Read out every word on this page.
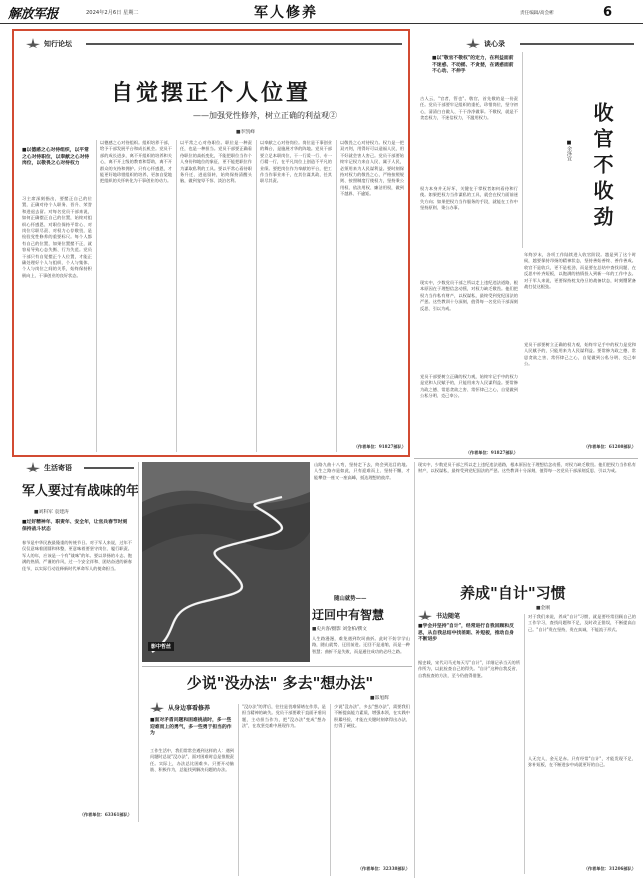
解放军报	2024年2月6日 星期二	军人修养	责任编辑/高会彬	6
知行论坛
自觉摆正个人位置
——加强党性修养，树立正确的利益观②
■李凯峰
■以德感之心对待组织，以平常之心对待职位，以奉献之心对待岗位，以敬畏之心对待权力
习主席深刻指出，要摆正自己的位置，正确对待个人职务、晋升、荣誉和进退去留。对每名党员干部来说，如何正确摆正自己的位置，始终对组织心怀感恩、对职位保持平常心、对岗位尽职尽责、对权力心存敬畏，是检验党性修养的重要标尺。每个人都有自己的位置，如果位置摆不正，就容易导致心态失衡、行为失范。党员干部只有自觉摆正个人位置，才能正确处理好个人与组织、个人与集体、个人与岗位之间的关系，始终保持积极向上、干事创业的良好状态。
以德感之心对待组织。组织培养干部，给予干部发展平台和成长机会。党员干部的成长进步，离不开组织的培养和关心，离不开上级的教育和帮助，离不开群众的支持和拥护。只有心怀感恩，才能更好地珍惜组织的培养，更加自觉地把组织的关怀转化为干事创业的动力。
以平常之心对待职位。职位是一种责任，也是一种担当。党员干部要正确看待职位的高低变化，不能把职位当作个人身份和地位的象征，更不能把职位作为谋取私利的工具。要以平常心看待职务升迁、进退留转，始终保持清醒头脑，做到宠辱不惊、淡泊名利。
以奉献之心对待岗位。岗位是干事创业的舞台，是施展才华的阵地。党员干部要立足本职岗位，干一行爱一行、专一行精一行，在平凡岗位上创造不平凡的业绩。要把岗位作为奉献的平台，把工作当作事业来干，在其位谋其政、任其职尽其责。
以敬畏之心对待权力。权力是一把双刃剑，用得好可以造福人民，用不好就会害人害己。党员干部要始终牢记权力来自人民、属于人民，必须用来为人民谋利益。要时刻保持对权力的敬畏之心，严格按照规则、按照制度行使权力，坚持秉公用权、依法用权、廉洁用权，做到不越界、不逾矩。
（作者单位：91827部队）
谈心录
■以"敬官不敬权"的定力，在利益面前不迷惑、不动摇、不贪婪，在诱惑面前不心动、不伸手
古人云，"官者，管也"。敬官，首先敬的是一份责任。党员干部要牢记组织的重托，珍惜岗位，坚守初心，清清白白做人、干干净净做事。不敬权，就是不贪恋权力，不迷信权力，不滥用权力。
权力本身并无好坏，关键在于掌权者如何看待和行使。如果把权力当作谋私的工具，就会在权力面前迷失方向；如果把权力当作服务的手段，就能在工作中坚持原则、秉公办事。
现实中，少数党员干部之所以走上违纪违法道路，根本原因在于理想信念动摇，对权力缺乏敬畏。他们把权力当作私有财产，以权谋私，最终受到党纪国法的严惩。这些教训十分深刻，值得每一名党员干部深刻反思、引以为戒。
党员干部要树立正确的权力观，始终牢记手中的权力是党和人民赋予的，只能用来为人民谋利益。要常修为政之德、常思贪欲之害、常怀律己之心，自觉做到公私分明、克己奉公。
（作者单位：91827部队）
收官不收劲
■余泽宜
年终岁末，各项工作陆续进入收官阶段。越是到了这个时候，越要保持昂扬的精神状态，坚持善始善终、善作善成。收官不是收兵，更不是松劲，而是要在总结中查找问题、在反思中补齐短板，以饱满的热情投入到新一年的工作中去。对于军人来说，更要保持枕戈待旦的战备状态，时刻绷紧备战打仗这根弦。
党员干部要树立正确的权力观，始终牢记手中的权力是党和人民赋予的，只能用来为人民谋利益。要常修为政之德、常思贪欲之害、常怀律己之心，自觉做到公私分明、克己奉公。
（作者单位：61208部队）
生活寄语
军人要过有战味的年
■刘科军 袁建涛
■过好精神年、职责年、安全年，让官兵春节时刻保持战斗状态
春节是中华民族最隆重的传统节日。对于军人来说，过年不仅仅意味着团圆和休整，更意味着要坚守岗位、履行职责。军人的年，应该是一个有"战味"的年。要以昂扬的斗志、饱满的热情、严谨的作风，过一个安全祥和、团结奋进的新春佳节，以实际行动诠释新时代革命军人的使命担当。
（作者单位：63361部队）
影中哲丝
山路九曲十八弯，坚持走下去，终会到达目的地。人生之路亦是如此，只有迎难而上、坚持不懈，才能攀登一座又一座高峰，抵达理想的彼岸。
随山就势——
迂回中有智慧
■史兵客/摄影 刘金柏/撰文
人生路漫漫，难免遇到坎坷曲折。此时不妨学学山路，随山就势、迂回前进。迂回不是退缩，而是一种智慧；曲折不是失败，而是通往成功的必经之路。
少说"没办法" 多去"想办法"
■邵旭辉
从身边事看修养
■面对矛盾问题和困难挑战时，多一些迎难而上的勇气，多一些勇于担当的作为
工作生活中，我们常常会遇到这样的人：遇到问题时总说"没办法"，面对困难时总是推脱责任。实际上，办法总比困难多。只要开动脑筋、积极作为，总能找到解决问题的办法。
"没办法"的背后，往往是畏难情绪在作祟，是担当精神的缺失。党员干部要敢于直面矛盾问题，主动担当作为，把"没办法"变成"想办法"，在攻坚克难中展现作为。
少说"没办法"，多去"想办法"，需要我们不断提高能力素质，增强本领，在实践中积累经验，才能在关键时刻拿得出办法、打得了硬仗。
（作者单位：32338部队）
养成"自计"习惯
■金刚
书边随笔
■学会并坚持"自计"，经常进行自我回顾和反思，从自我总结中找差距、补短板，推动自身不断进步
据史载，宋代司马光每天写"自计"，详细记录当天的所作所为，以此检查自己的得失。"自计"这种自我反省、自我检查的方法，至今仍值得借鉴。
对于我们来说，养成"自计"习惯，就是要经常回顾自己的工作学习，查找问题和不足，及时改正错误，不断提高自己。"自计"贵在坚持，贵在真诚，不能流于形式。
人无完人，金无足赤。只有经常"自计"，才能发现不足、弥补短板，在不断进步中成就更好的自己。
（作者单位：31206部队）
现实中，少数党员干部之所以走上违纪违法道路，根本原因在于理想信念动摇，对权力缺乏敬畏。他们把权力当作私有财产，以权谋私，最终受到党纪国法的严惩。这些教训十分深刻，值得每一名党员干部深刻反思、引以为戒。
